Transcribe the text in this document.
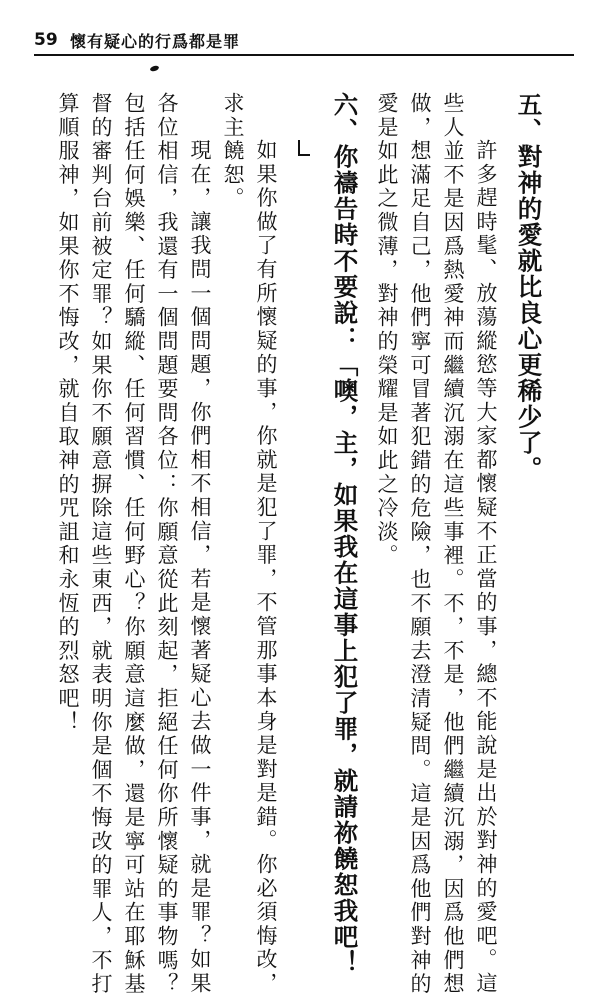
59 懷有疑心的行爲都是罪
五、對神的愛就比良心更稀少了。
許多趕時髦、放蕩縱慾等大家都懷疑不正當的事，總不能說是出於對神的愛吧。這
些人並不是因爲熱愛神而繼續沉溺在這些事裡。不，不是，他們繼續沉溺，因爲他們想
做，想滿足自己，他們寧可冒著犯錯的危險，也不願去澄清疑問。這是因爲他們對神的
愛是如此之微薄，對神的榮耀是如此之冷淡。
六、你禱告時不要說：「噢，主，如果我在這事上犯了罪，就請祢饒恕我吧！
如果你做了有所懷疑的事，你就是犯了罪，不管那事本身是對是錯。你必須悔改，
求主饒恕。
現在，讓我問一個問題，你們相不相信，若是懷著疑心去做一件事，就是罪？如果
各位相信，我還有一個問題要問各位：你願意從此刻起，拒絕任何你所懷疑的事物嗎？
包括任何娛樂、任何驕縱、任何習慣、任何野心？你願意這麼做，還是寧可站在耶穌基
督的審判台前被定罪？如果你不願意摒除這些東西，就表明你是個不悔改的罪人，不打
算順服神，如果你不悔改，就自取神的咒詛和永恆的烈怒吧！
